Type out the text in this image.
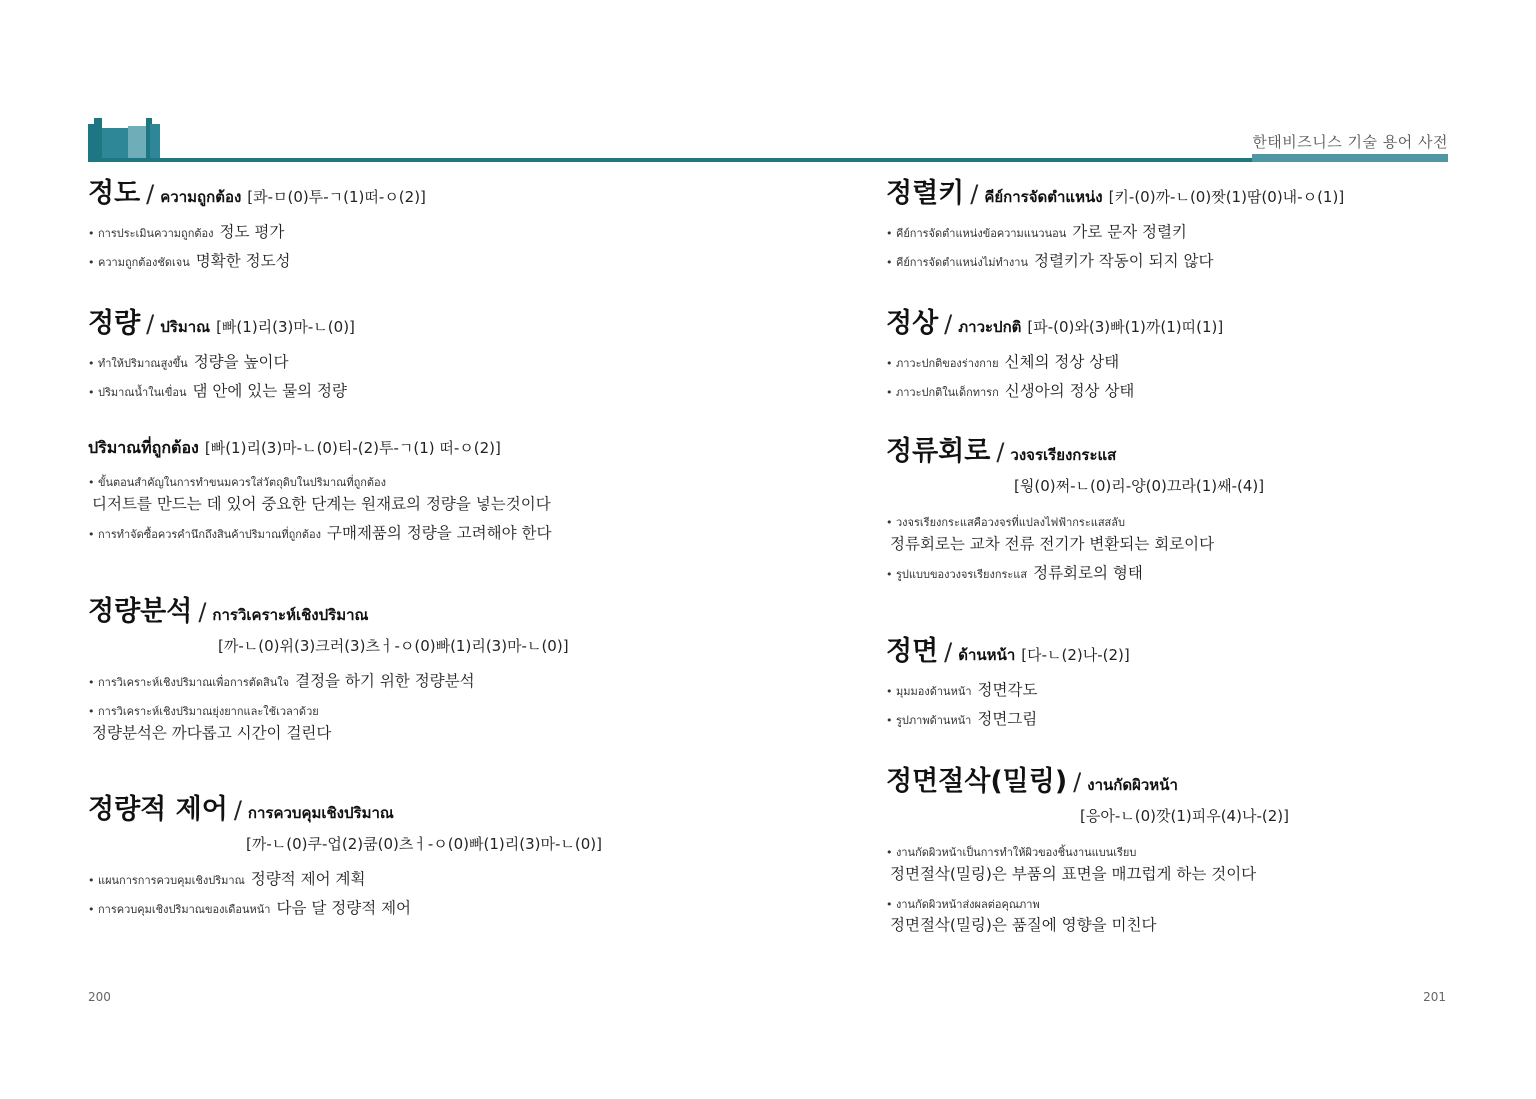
한태비즈니스 기술 용어 사전
정도 / ความถูกต้อง [콰-ㅁ(0)투-ㄱ(1)떠-ㅇ(2)]
• การประเมินความถูกต้อง 정도 평가
• ความถูกต้องชัดเจน 명확한 정도성
정량 / ปริมาณ [빠(1)리(3)마-ㄴ(0)]
• ทำให้ปริมาณสูงขึ้น 정량을 높이다
• ปริมาณน้ำในเขื่อน 댐 안에 있는 물의 정량
ปริมาณที่ถูกต้อง [빠(1)리(3)마-ㄴ(0)티-(2)투-ㄱ(1) 떠-ㅇ(2)]
• ขั้นตอนสำคัญในการทำขนมควรใส่วัตถุดิบในปริมาณที่ถูกต้อง
디저트를 만드는 데 있어 중요한 단계는 원재료의 정량을 넣는것이다
• การทำจัดซื้อควรคำนึกถึงสินค้าปริมาณที่ถูกต้อง 구매제품의 정량을 고려해야 한다
정량분석 / การวิเคราะห์เชิงปริมาณ
[까-ㄴ(0)위(3)크러(3)츠ㅓ-ㅇ(0)빠(1)리(3)마-ㄴ(0)]
• การวิเคราะห์เชิงปริมาณเพื่อการตัดสินใจ 결정을 하기 위한 정량분석
• การวิเคราะห์เชิงปริมาณยุ่งยากและใช้เวลาด้วย
정량분석은 까다롭고 시간이 걸린다
정량적 제어 / การควบคุมเชิงปริมาณ
[까-ㄴ(0)쿠-업(2)쿰(0)츠ㅓ-ㅇ(0)빠(1)리(3)마-ㄴ(0)]
• แผนการการควบคุมเชิงปริมาณ 정량적 제어 계획
• การควบคุมเชิงปริมาณของเดือนหน้า 다음 달 정량적 제어
정렬키 / คีย์การจัดตำแหน่ง [키-(0)까-ㄴ(0)짯(1)땀(0)내-ㅇ(1)]
• คีย์การจัดตำแหน่งข้อความแนวนอน 가로 문자 정렬키
• คีย์การจัดตำแหน่งไม่ทำงาน 정렬키가 작동이 되지 않다
정상 / ภาวะปกติ [파-(0)와(3)빠(1)까(1)띠(1)]
• ภาวะปกติของร่างกาย 신체의 정상 상태
• ภาวะปกติในเด็กทารก 신생아의 정상 상태
정류회로 / วงจรเรียงกระแส
[웡(0)쩌-ㄴ(0)리-양(0)끄라(1)쌔-(4)]
• วงจรเรียงกระแสคือวงจรที่แปลงไฟฟ้ากระแสสลับ
정류회로는 교차 전류 전기가 변환되는 회로이다
• รูปแบบของวงจรเรียงกระแส 정류회로의 형태
정면 / ด้านหน้า [다-ㄴ(2)나-(2)]
• มุมมองด้านหน้า 정면각도
• รูปภาพด้านหน้า 정면그림
정면절삭(밀링) / งานกัดผิวหน้า
[응아-ㄴ(0)깟(1)피우(4)나-(2)]
• งานกัดผิวหน้าเป็นการทำให้ผิวของชิ้นงานแบนเรียบ
정면절삭(밀링)은 부품의 표면을 매끄럽게 하는 것이다
• งานกัดผิวหน้าส่งผลต่อคุณภาพ
정면절삭(밀링)은 품질에 영향을 미친다
200	201
